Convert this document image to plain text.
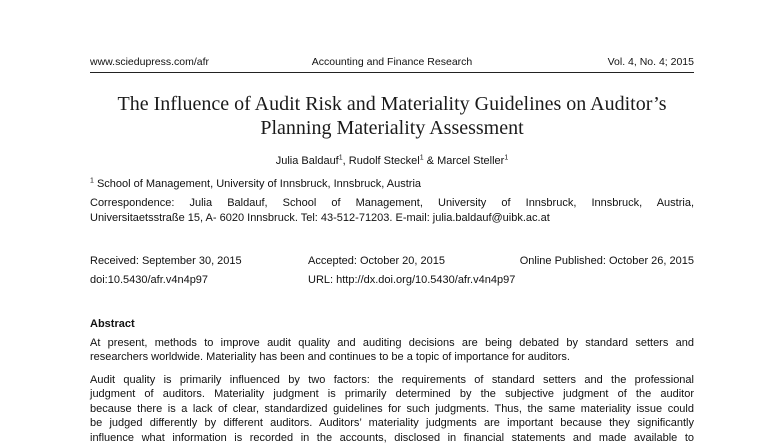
www.sciedupress.com/afr	Accounting and Finance Research	Vol. 4, No. 4; 2015
The Influence of Audit Risk and Materiality Guidelines on Auditor’s
Planning Materiality Assessment
Julia Baldauf$^1$, Rudolf Steckel$^1$ & Marcel Steller$^1$
$^1$ School of Management, University of Innsbruck, Innsbruck, Austria
Correspondence: Julia Baldauf, School of Management, University of Innsbruck, Innsbruck, Austria,
Universitaetsstraße 15, A- 6020 Innsbruck. Tel: 43-512-71203. E-mail: julia.baldauf@uibk.ac.at
Received: September 30, 2015	Accepted: October 20, 2015	Online Published: October 26, 2015
doi:10.5430/afr.v4n4p97	URL: http://dx.doi.org/10.5430/afr.v4n4p97
Abstract
At present, methods to improve audit quality and auditing decisions are being debated by standard setters and
researchers worldwide. Materiality has been and continues to be a topic of importance for auditors.
Audit quality is primarily influenced by two factors: the requirements of standard setters and the professional
judgment of auditors. Materiality judgment is primarily determined by the subjective judgment of the auditor
because there is a lack of clear, standardized guidelines for such judgments. Thus, the same materiality issue could
be judged differently by different auditors. Auditors’ materiality judgments are important because they significantly
influence what information is recorded in the accounts, disclosed in financial statements and made available to
